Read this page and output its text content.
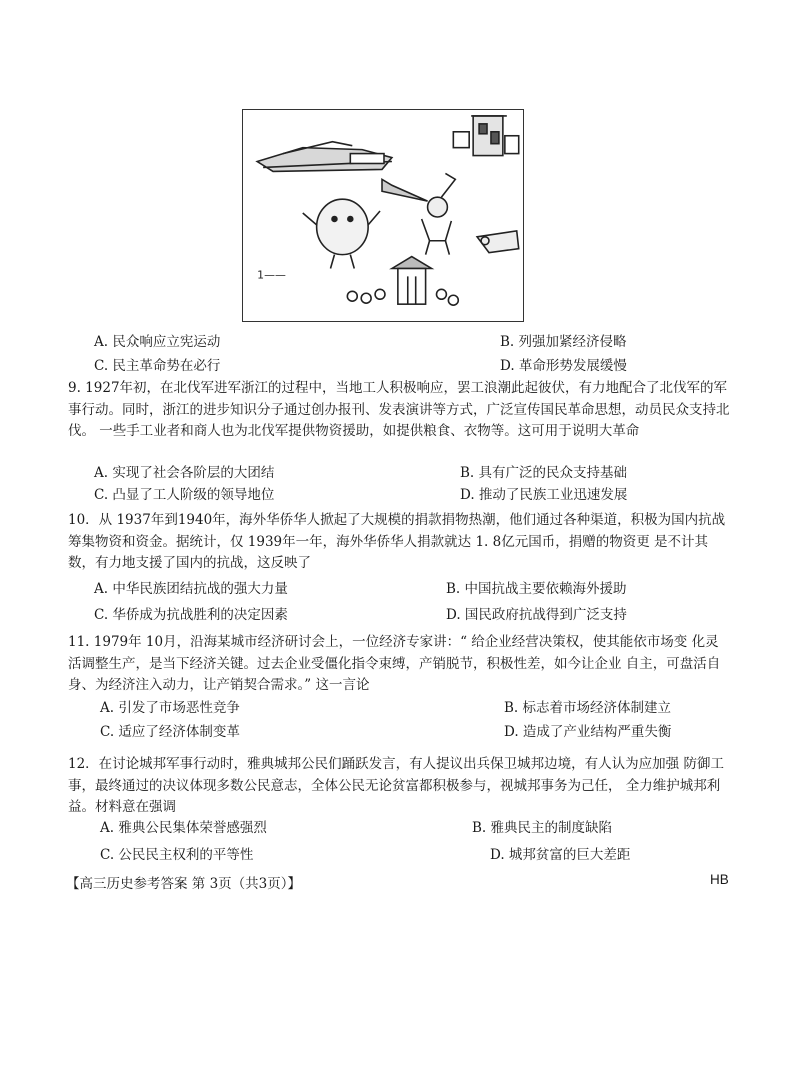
1——
A. 民众响应立宪运动	B. 列强加紧经济侵略
C. 民主革命势在必行	D. 革命形势发展缓慢
9. 1927年初，在北伐军进军浙江的过程中，当地工人积极响应，罢工浪潮此起彼伏，有力地配合了北伐军的军事行动。同时，浙江的进步知识分子通过创办报刊、发表演讲等方式，广泛宣传国民革命思想，动员民众支持北伐。 一些手工业者和商人也为北伐军提供物资援助，如提供粮食、衣物等。这可用于说明大革命
A. 实现了社会各阶层的大团结	B. 具有广泛的民众支持基础
C. 凸显了工人阶级的领导地位	D. 推动了民族工业迅速发展
10．从 1937年到1940年，海外华侨华人掀起了大规模的捐款捐物热潮，他们通过各种渠道，积极为国内抗战筹集物资和资金。据统计，仅 1939年一年，海外华侨华人捐款就达 1. 8亿元国币，捐赠的物资更 是不计其数，有力地支援了国内的抗战，这反映了
A. 中华民族团结抗战的强大力量	B. 中国抗战主要依赖海外援助
C. 华侨成为抗战胜利的决定因素	D. 国民政府抗战得到广泛支持
11. 1979年 10月，沿海某城市经济研讨会上，一位经济专家讲：“ 给企业经营决策权，使其能依市场变 化灵活调整生产，是当下经济关键。过去企业受僵化指令束缚，产销脱节，积极性差，如今让企业 自主，可盘活自身、为经济注入动力，让产销契合需求。” 这一言论
A. 引发了市场恶性竞争	B. 标志着市场经济体制建立
C. 适应了经济体制变革	D. 造成了产业结构严重失衡
12．在讨论城邦军事行动时，雅典城邦公民们踊跃发言，有人提议出兵保卫城邦边境，有人认为应加强 防御工事，最终通过的决议体现多数公民意志，全体公民无论贫富都积极参与，视城邦事务为己任， 全力维护城邦利益。材料意在强调
A. 雅典公民集体荣誉感强烈	B. 雅典民主的制度缺陷
C. 公民民主权利的平等性	D. 城邦贫富的巨大差距
【高三历史参考答案 第 3页（共3页）】	HB
